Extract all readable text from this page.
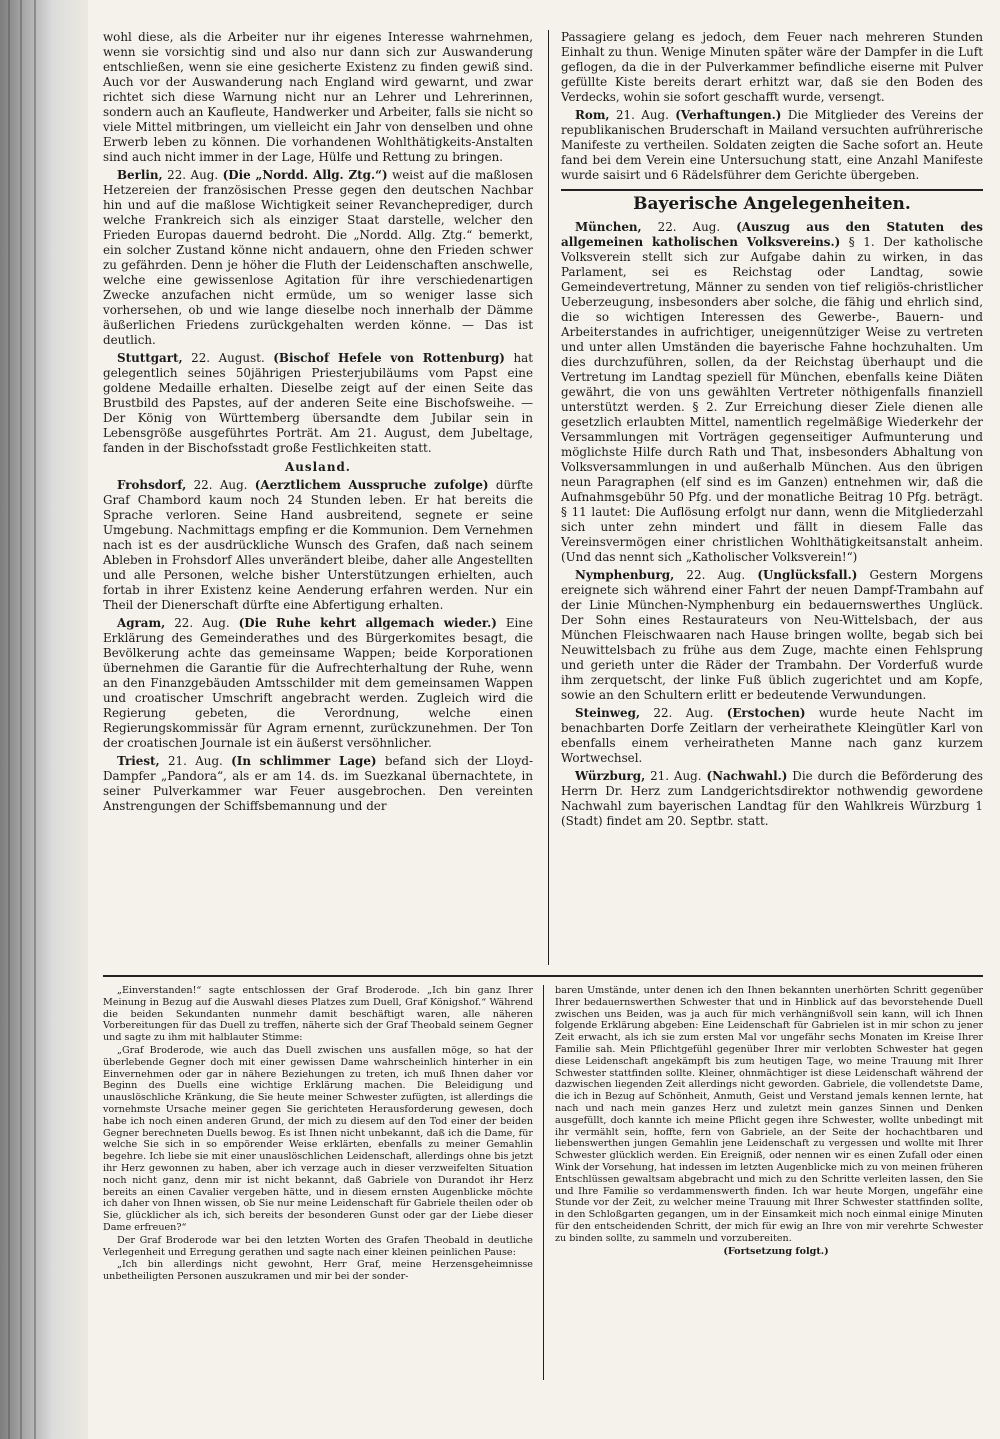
wohl diese, als die Arbeiter nur ihr eigenes Interesse wahrnehmen, wenn sie vorsichtig sind und also nur dann sich zur Auswanderung entschließen, wenn sie eine gesicherte Existenz zu finden gewiß sind. Auch vor der Auswanderung nach England wird gewarnt, und zwar richtet sich diese Warnung nicht nur an Lehrer und Lehrerinnen, sondern auch an Kaufleute, Handwerker und Arbeiter, falls sie nicht so viele Mittel mitbringen, um vielleicht ein Jahr von denselben und ohne Erwerb leben zu können. Die vorhandenen Wohlthätigkeits-Anstalten sind auch nicht immer in der Lage, Hülfe und Rettung zu bringen.

Berlin, 22. Aug. (Die „Nordd. Allg. Ztg.“) weist auf die maßlosen Hetzereien der französischen Presse gegen den deutschen Nachbar hin und auf die maßlose Wichtigkeit seiner Revancheprediger, durch welche Frankreich sich als einziger Staat darstelle, welcher den Frieden Europas dauernd bedroht. Die „Nordd. Allg. Ztg.“ bemerkt, ein solcher Zustand könne nicht andauern, ohne den Frieden schwer zu gefährden. Denn je höher die Fluth der Leidenschaften anschwelle, welche eine gewissenlose Agitation für ihre verschiedenartigen Zwecke anzufachen nicht ermüde, um so weniger lasse sich vorhersehen, ob und wie lange dieselbe noch innerhalb der Dämme äußerlichen Friedens zurückgehalten werden könne. — Das ist deutlich.

Stuttgart, 22. August. (Bischof Hefele von Rottenburg) hat gelegentlich seines 50jährigen Priesterjubiläums vom Papst eine goldene Medaille erhalten. Dieselbe zeigt auf der einen Seite das Brustbild des Papstes, auf der anderen Seite eine Bischofsweihe. — Der König von Württemberg übersandte dem Jubilar sein in Lebensgröße ausgeführtes Porträt. Am 21. August, dem Jubeltage, fanden in der Bischofsstadt große Festlichkeiten statt.

Ausland.

Frohsdorf, 22. Aug. (Aerztlichem Ausspruche zufolge) dürfte Graf Chambord kaum noch 24 Stunden leben. Er hat bereits die Sprache verloren. Seine Hand ausbreitend, segnete er seine Umgebung. Nachmittags empfing er die Kommunion. Dem Vernehmen nach ist es der ausdrückliche Wunsch des Grafen, daß nach seinem Ableben in Frohsdorf Alles unverändert bleibe, daher alle Angestellten und alle Personen, welche bisher Unterstützungen erhielten, auch fortab in ihrer Existenz keine Aenderung erfahren werden. Nur ein Theil der Dienerschaft dürfte eine Abfertigung erhalten.

Agram, 22. Aug. (Die Ruhe kehrt allgemach wieder.) Eine Erklärung des Gemeinderathes und des Bürgerkomites besagt, die Bevölkerung achte das gemeinsame Wappen; beide Korporationen übernehmen die Garantie für die Aufrechterhaltung der Ruhe, wenn an den Finanzgebäuden Amtsschilder mit dem gemeinsamen Wappen und croatischer Umschrift angebracht werden. Zugleich wird die Regierung gebeten, die Verordnung, welche einen Regierungskommissär für Agram ernennt, zurückzunehmen. Der Ton der croatischen Journale ist ein äußerst versöhnlicher.

Triest, 21. Aug. (In schlimmer Lage) befand sich der Lloyd-Dampfer „Pandora“, als er am 14. ds. im Suezkanal übernachtete, in seiner Pulverkammer war Feuer ausgebrochen. Den vereinten Anstrengungen der Schiffsbemannung und der

Passagiere gelang es jedoch, dem Feuer nach mehreren Stunden Einhalt zu thun. Wenige Minuten später wäre der Dampfer in die Luft geflogen, da die in der Pulverkammer befindliche eiserne mit Pulver gefüllte Kiste bereits derart erhitzt war, daß sie den Boden des Verdecks, wohin sie sofort geschafft wurde, versengt.

Rom, 21. Aug. (Verhaftungen.) Die Mitglieder des Vereins der republikanischen Bruderschaft in Mailand versuchten aufrührerische Manifeste zu vertheilen. Soldaten zeigten die Sache sofort an. Heute fand bei dem Verein eine Untersuchung statt, eine Anzahl Manifeste wurde saisirt und 6 Rädelsführer dem Gerichte übergeben.

Bayerische Angelegenheiten.

München, 22. Aug. (Auszug aus den Statuten des allgemeinen katholischen Volksvereins.) § 1. Der katholische Volksverein stellt sich zur Aufgabe dahin zu wirken, in das Parlament, sei es Reichstag oder Landtag, sowie Gemeindevertretung, Männer zu senden von tief religiös-christlicher Ueberzeugung, insbesonders aber solche, die fähig und ehrlich sind, die so wichtigen Interessen des Gewerbe-, Bauern- und Arbeiterstandes in aufrichtiger, uneigennütziger Weise zu vertreten und unter allen Umständen die bayerische Fahne hochzuhalten. Um dies durchzuführen, sollen, da der Reichstag überhaupt und die Vertretung im Landtag speziell für München, ebenfalls keine Diäten gewährt, die von uns gewählten Vertreter nöthigenfalls finanziell unterstützt werden. § 2. Zur Erreichung dieser Ziele dienen alle gesetzlich erlaubten Mittel, namentlich regelmäßige Wiederkehr der Versammlungen mit Vorträgen gegenseitiger Aufmunterung und möglichste Hilfe durch Rath und That, insbesonders Abhaltung von Volksversammlungen in und außerhalb München. Aus den übrigen neun Paragraphen (elf sind es im Ganzen) entnehmen wir, daß die Aufnahmsgebühr 50 Pfg. und der monatliche Beitrag 10 Pfg. beträgt. § 11 lautet: Die Auflösung erfolgt nur dann, wenn die Mitgliederzahl sich unter zehn mindert und fällt in diesem Falle das Vereinsvermögen einer christlichen Wohlthätigkeitsanstalt anheim. (Und das nennt sich „Katholischer Volksverein!“)

Nymphenburg, 22. Aug. (Unglücksfall.) Gestern Morgens ereignete sich während einer Fahrt der neuen Dampf-Trambahn auf der Linie München-Nymphenburg ein bedauernswerthes Unglück. Der Sohn eines Restaurateurs von Neu-Wittelsbach, der aus München Fleischwaaren nach Hause bringen wollte, begab sich bei Neuwittelsbach zu frühe aus dem Zuge, machte einen Fehlsprung und gerieth unter die Räder der Trambahn. Der Vorderfuß wurde ihm zerquetscht, der linke Fuß üblich zugerichtet und am Kopfe, sowie an den Schultern erlitt er bedeutende Verwundungen.

Steinweg, 22. Aug. (Erstochen) wurde heute Nacht im benachbarten Dorfe Zeitlarn der verheirathete Kleingütler Karl von ebenfalls einem verheiratheten Manne nach ganz kurzem Wortwechsel.

Würzburg, 21. Aug. (Nachwahl.) Die durch die Beförderung des Herrn Dr. Herz zum Landgerichtsdirektor nothwendig gewordene Nachwahl zum bayerischen Landtag für den Wahlkreis Würzburg 1 (Stadt) findet am 20. Septbr. statt.

„Einverstanden!“ sagte entschlossen der Graf Broderode. „Ich bin ganz Ihrer Meinung in Bezug auf die Auswahl dieses Platzes zum Duell, Graf Königshof.“ Während die beiden Sekundanten nunmehr damit beschäftigt waren, alle näheren Vorbereitungen für das Duell zu treffen, näherte sich der Graf Theobald seinem Gegner und sagte zu ihm mit halblauter Stimme:

„Graf Broderode, wie auch das Duell zwischen uns ausfallen möge, so hat der überlebende Gegner doch mit einer gewissen Dame wahrscheinlich hinterher in ein Einvernehmen oder gar in nähere Beziehungen zu treten, ich muß Ihnen daher vor Beginn des Duells eine wichtige Erklärung machen. Die Beleidigung und unauslöschliche Kränkung, die Sie heute meiner Schwester zufügten, ist allerdings die vornehmste Ursache meiner gegen Sie gerichteten Herausforderung gewesen, doch habe ich noch einen anderen Grund, der mich zu diesem auf den Tod einer der beiden Gegner berechneten Duells bewog. Es ist Ihnen nicht unbekannt, daß ich die Dame, für welche Sie sich in so empörender Weise erklärten, ebenfalls zu meiner Gemahlin begehre. Ich liebe sie mit einer unauslöschlichen Leidenschaft, allerdings ohne bis jetzt ihr Herz gewonnen zu haben, aber ich verzage auch in dieser verzweifelten Situation noch nicht ganz, denn mir ist nicht bekannt, daß Gabriele von Durandot ihr Herz bereits an einen Cavalier vergeben hätte, und in diesem ernsten Augenblicke möchte ich daher von Ihnen wissen, ob Sie nur meine Leidenschaft für Gabriele theilen oder ob Sie, glücklicher als ich, sich bereits der besonderen Gunst oder gar der Liebe dieser Dame erfreuen?“

Der Graf Broderode war bei den letzten Worten des Grafen Theobald in deutliche Verlegenheit und Erregung gerathen und sagte nach einer kleinen peinlichen Pause:

„Ich bin allerdings nicht gewohnt, Herr Graf, meine Herzensgeheimnisse unbetheiligten Personen auszukramen und mir bei der sonder-

baren Umstände, unter denen ich den Ihnen bekannten unerhörten Schritt gegenüber Ihrer bedauernswerthen Schwester that und in Hinblick auf das bevorstehende Duell zwischen uns Beiden, was ja auch für mich verhängnißvoll sein kann, will ich Ihnen folgende Erklärung abgeben: Eine Leidenschaft für Gabrielen ist in mir schon zu jener Zeit erwacht, als ich sie zum ersten Mal vor ungefähr sechs Monaten im Kreise Ihrer Familie sah. Mein Pflichtgefühl gegenüber Ihrer mir verlobten Schwester hat gegen diese Leidenschaft angekämpft bis zum heutigen Tage, wo meine Trauung mit Ihrer Schwester stattfinden sollte. Kleiner, ohnmächtiger ist diese Leidenschaft während der dazwischen liegenden Zeit allerdings nicht geworden. Gabriele, die vollendetste Dame, die ich in Bezug auf Schönheit, Anmuth, Geist und Verstand jemals kennen lernte, hat nach und nach mein ganzes Herz und zuletzt mein ganzes Sinnen und Denken ausgefüllt, doch kannte ich meine Pflicht gegen ihre Schwester, wollte unbedingt mit ihr vermählt sein, hoffte, fern von Gabriele, an der Seite der hochachtbaren und liebenswerthen jungen Gemahlin jene Leidenschaft zu vergessen und wollte mit Ihrer Schwester glücklich werden. Ein Ereigniß, oder nennen wir es einen Zufall oder einen Wink der Vorsehung, hat indessen im letzten Augenblicke mich zu von meinen früheren Entschlüssen gewaltsam abgebracht und mich zu den Schritte verleiten lassen, den Sie und Ihre Familie so verdammenswerth finden. Ich war heute Morgen, ungefähr eine Stunde vor der Zeit, zu welcher meine Trauung mit Ihrer Schwester stattfinden sollte, in den Schloßgarten gegangen, um in der Einsamkeit mich noch einmal einige Minuten für den entscheidenden Schritt, der mich für ewig an Ihre von mir verehrte Schwester zu binden sollte, zu sammeln und vorzubereiten.

(Fortsetzung folgt.)
